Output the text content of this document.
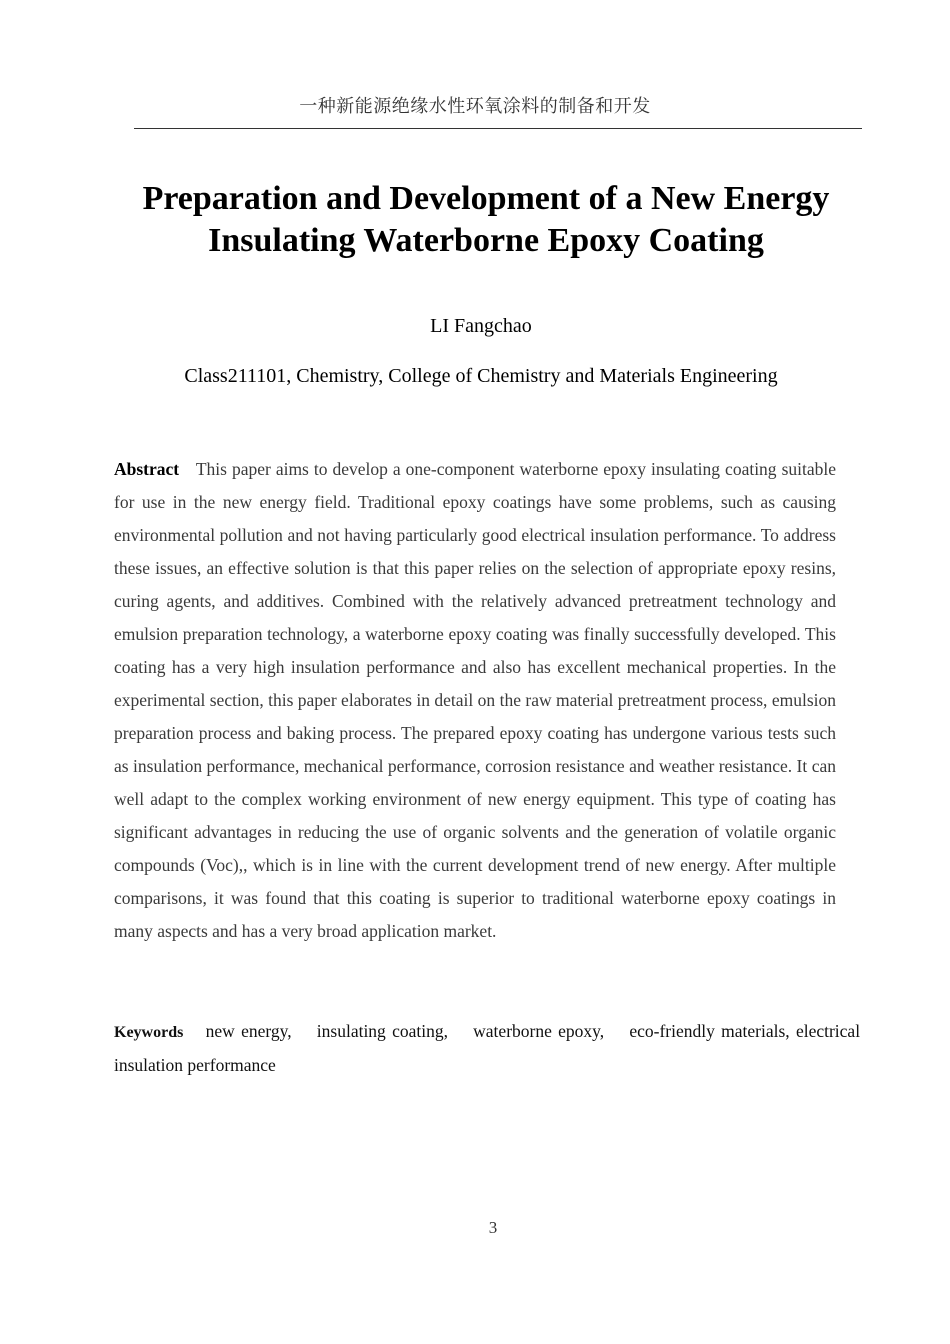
一种新能源绝缘水性环氧涂料的制备和开发
Preparation and Development of a New Energy
Insulating Waterborne Epoxy Coating
LI Fangchao
Class211101, Chemistry, College of Chemistry and Materials Engineering
Abstract This paper aims to develop a one-component waterborne epoxy insulating coating suitable for use in the new energy field. Traditional epoxy coatings have some problems, such as causing environmental pollution and not having particularly good electrical insulation performance. To address these issues, an effective solution is that this paper relies on the selection of appropriate epoxy resins, curing agents, and additives. Combined with the relatively advanced pretreatment technology and emulsion preparation technology, a waterborne epoxy coating was finally successfully developed. This coating has a very high insulation performance and also has excellent mechanical properties. In the experimental section, this paper elaborates in detail on the raw material pretreatment process, emulsion preparation process and baking process. The prepared epoxy coating has undergone various tests such as insulation performance, mechanical performance, corrosion resistance and weather resistance. It can well adapt to the complex working environment of new energy equipment. This type of coating has significant advantages in reducing the use of organic solvents and the generation of volatile organic compounds (Voc),, which is in line with the current development trend of new energy. After multiple comparisons, it was found that this coating is superior to traditional waterborne epoxy coatings in many aspects and has a very broad application market.
Keywords new energy, insulating coating, waterborne epoxy, eco-friendly materials, electrical insulation performance
3
